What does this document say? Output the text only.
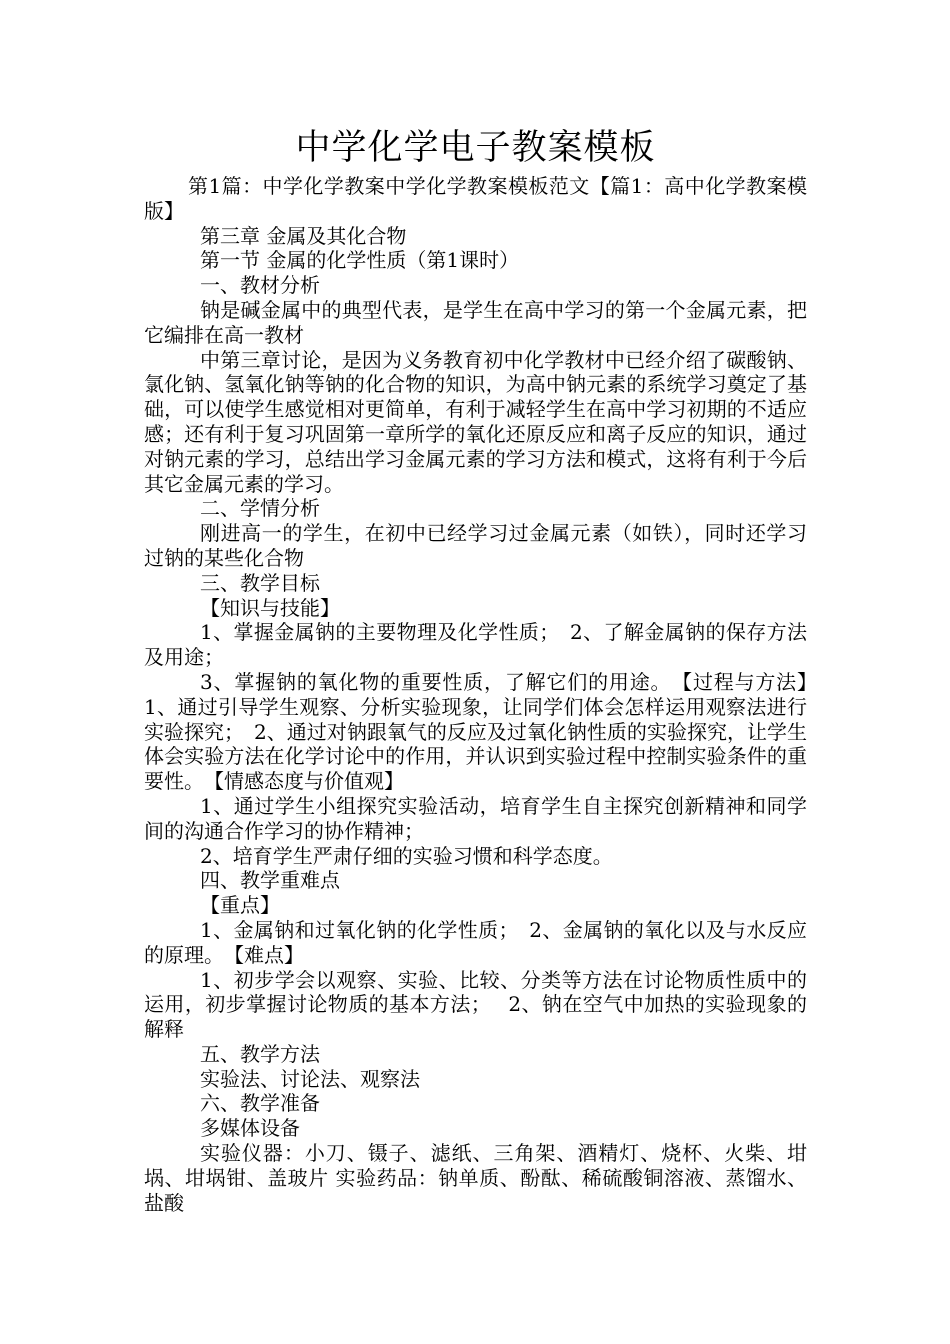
中学化学电子教案模板

第1篇：中学化学教案中学化学教案模板范文【篇1：高中化学教案模版】

第三章 金属及其化合物

第一节 金属的化学性质（第1课时）

一、教材分析

钠是碱金属中的典型代表，是学生在高中学习的第一个金属元素，把它编排在高一教材

中第三章讨论，是因为义务教育初中化学教材中已经介绍了碳酸钠、氯化钠、氢氧化钠等钠的化合物的知识，为高中钠元素的系统学习奠定了基础，可以使学生感觉相对更简单，有利于减轻学生在高中学习初期的不适应感；还有利于复习巩固第一章所学的氧化还原反应和离子反应的知识，通过对钠元素的学习，总结出学习金属元素的学习方法和模式，这将有利于今后其它金属元素的学习。

二、学情分析

刚进高一的学生，在初中已经学习过金属元素（如铁），同时还学习过钠的某些化合物

三、教学目标

【知识与技能】

1、掌握金属钠的主要物理及化学性质；　2、了解金属钠的保存方法及用途；

3、掌握钠的氧化物的重要性质，了解它们的用途。　【过程与方法】　1、通过引导学生观察、分析实验现象，让同学们体会怎样运用观察法进行实验探究；　2、通过对钠跟氧气的反应及过氧化钠性质的实验探究，让学生体会实验方法在化学讨论中的作用，并认识到实验过程中控制实验条件的重要性。　【情感态度与价值观】

1、通过学生小组探究实验活动，培育学生自主探究创新精神和同学间的沟通合作学习的协作精神；

2、培育学生严肃仔细的实验习惯和科学态度。

四、教学重难点

【重点】

1、金属钠和过氧化钠的化学性质；　2、金属钠的氧化以及与水反应的原理。　【难点】

1、初步学会以观察、实验、比较、分类等方法在讨论物质性质中的运用，初步掌握讨论物质的基本方法；　 2、钠在空气中加热的实验现象的解释

五、教学方法

实验法、讨论法、观察法

六、教学准备

多媒体设备

实验仪器：小刀、镊子、滤纸、三角架、酒精灯、烧杯、火柴、坩埚、坩埚钳、盖玻片 实验药品：钠单质、酚酞、稀硫酸铜溶液、蒸馏水、盐酸
